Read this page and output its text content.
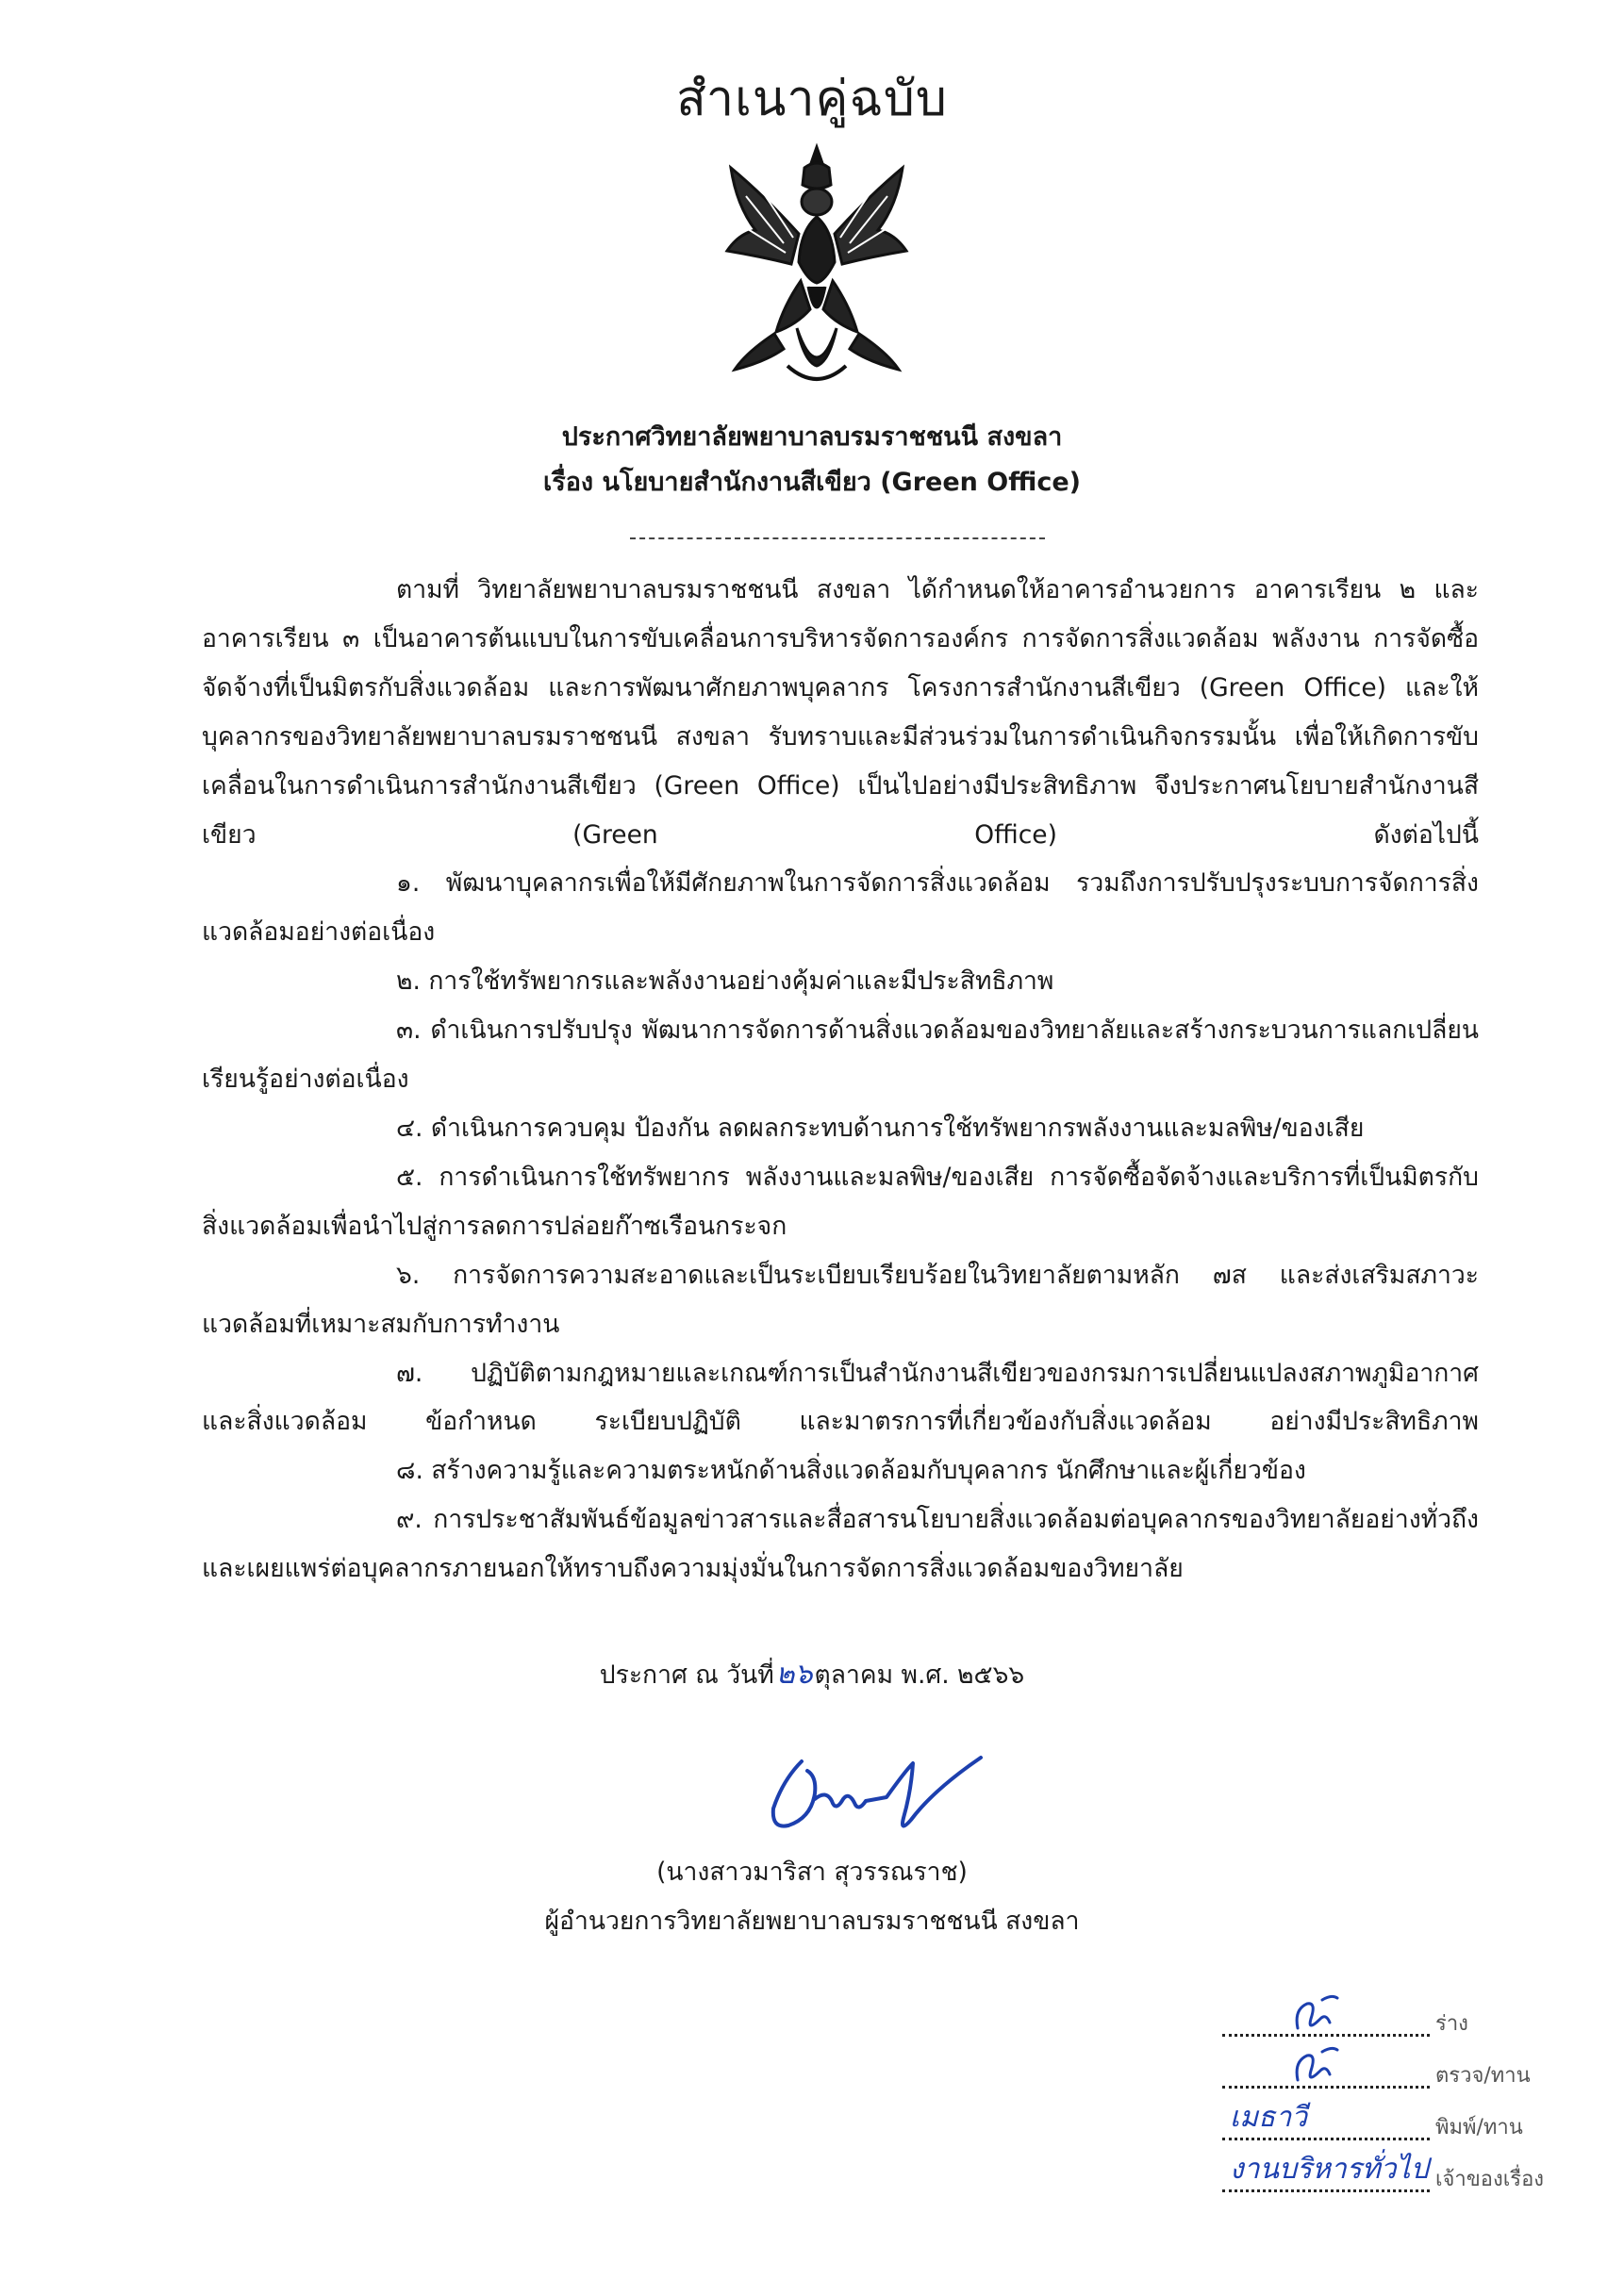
สำเนาคู่ฉบับ
ประกาศวิทยาลัยพยาบาลบรมราชชนนี สงขลา
เรื่อง นโยบายสำนักงานสีเขียว (Green Office)

ตามที่ วิทยาลัยพยาบาลบรมราชชนนี สงขลา ได้กำหนดให้อาคารอำนวยการ อาคารเรียน ๒ และอาคารเรียน ๓ เป็นอาคารต้นแบบในการขับเคลื่อนการบริหารจัดการองค์กร การจัดการสิ่งแวดล้อม พลังงาน การจัดซื้อจัดจ้างที่เป็นมิตรกับสิ่งแวดล้อม และการพัฒนาศักยภาพบุคลากร โครงการสำนักงานสีเขียว (Green Office) และให้บุคลากรของวิทยาลัยพยาบาลบรมราชชนนี สงขลา รับทราบและมีส่วนร่วมในการดำเนินกิจกรรมนั้น เพื่อให้เกิดการขับเคลื่อนในการดำเนินการสำนักงานสีเขียว (Green Office) เป็นไปอย่างมีประสิทธิภาพ จึงประกาศนโยบายสำนักงานสีเขียว (Green Office) ดังต่อไปนี้

๑. พัฒนาบุคลากรเพื่อให้มีศักยภาพในการจัดการสิ่งแวดล้อม รวมถึงการปรับปรุงระบบการจัดการสิ่งแวดล้อมอย่างต่อเนื่อง

๒. การใช้ทรัพยากรและพลังงานอย่างคุ้มค่าและมีประสิทธิภาพ

๓. ดำเนินการปรับปรุง พัฒนาการจัดการด้านสิ่งแวดล้อมของวิทยาลัยและสร้างกระบวนการแลกเปลี่ยนเรียนรู้อย่างต่อเนื่อง

๔. ดำเนินการควบคุม ป้องกัน ลดผลกระทบด้านการใช้ทรัพยากรพลังงานและมลพิษ/ของเสีย

๕. การดำเนินการใช้ทรัพยากร พลังงานและมลพิษ/ของเสีย การจัดซื้อจัดจ้างและบริการที่เป็นมิตรกับสิ่งแวดล้อมเพื่อนำไปสู่การลดการปล่อยก๊าซเรือนกระจก

๖. การจัดการความสะอาดและเป็นระเบียบเรียบร้อยในวิทยาลัยตามหลัก ๗ส และส่งเสริมสภาวะ แวดล้อมที่เหมาะสมกับการทำงาน

๗. ปฏิบัติตามกฎหมายและเกณฑ์การเป็นสำนักงานสีเขียวของกรมการเปลี่ยนแปลงสภาพภูมิอากาศและสิ่งแวดล้อม ข้อกำหนด ระเบียบปฏิบัติ และมาตรการที่เกี่ยวข้องกับสิ่งแวดล้อม อย่างมีประสิทธิภาพ

๘. สร้างความรู้และความตระหนักด้านสิ่งแวดล้อมกับบุคลากร นักศึกษาและผู้เกี่ยวข้อง

๙. การประชาสัมพันธ์ข้อมูลข่าวสารและสื่อสารนโยบายสิ่งแวดล้อมต่อบุคลากรของวิทยาลัยอย่างทั่วถึงและเผยแพร่ต่อบุคลากรภายนอกให้ทราบถึงความมุ่งมั่นในการจัดการสิ่งแวดล้อมของวิทยาลัย

ประกาศ ณ วันที่๒๖ตุลาคม พ.ศ. ๒๕๖๖
(นางสาวมาริสา สุวรรณราช)
ผู้อำนวยการวิทยาลัยพยาบาลบรมราชชนนี สงขลา
ร่าง
ตรวจ/ทาน
เมธาวี	พิมพ์/ทาน
งานบริหารทั่วไป เจ้าของเรื่อง
